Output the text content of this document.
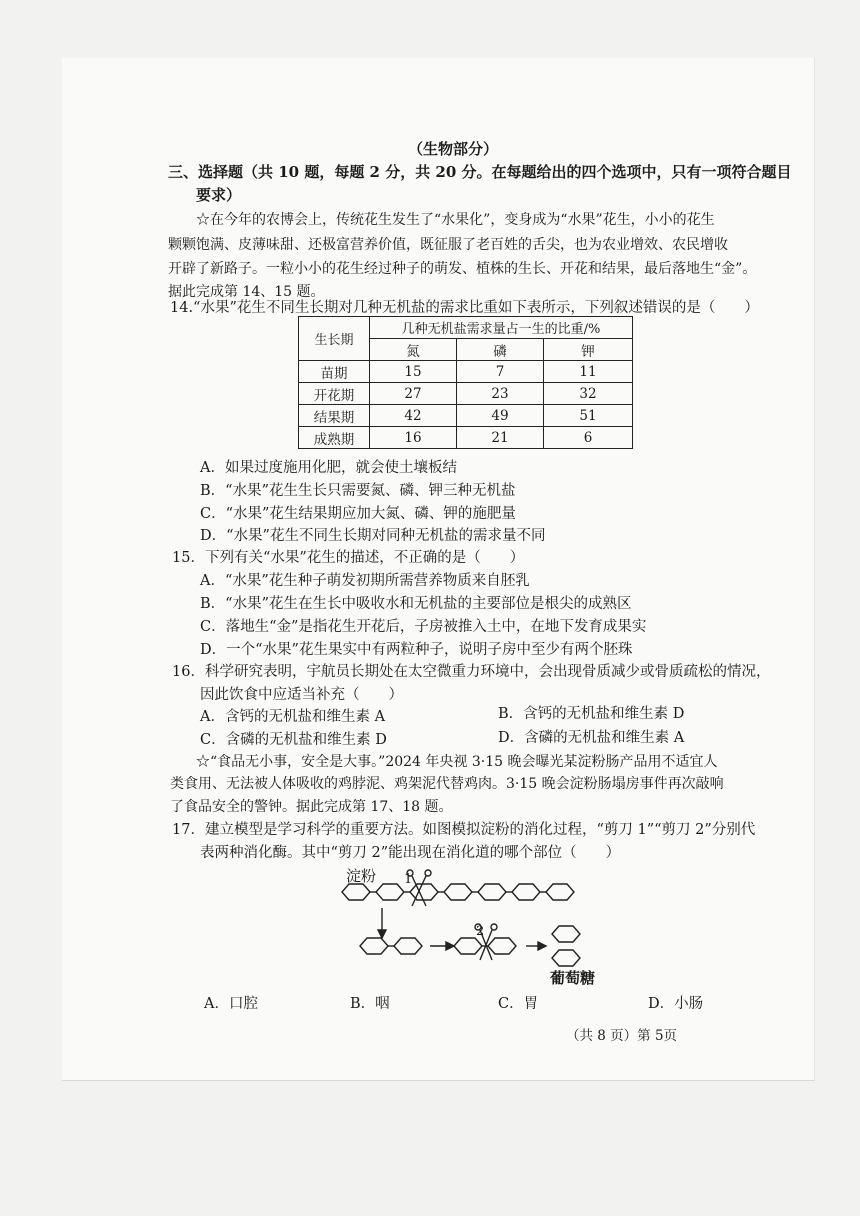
（生物部分）
三、选择题（共 10 题，每题 2 分，共 20 分。在每题给出的四个选项中，只有一项符合题目
要求）
☆在今年的农博会上，传统花生发生了“水果化”，变身成为“水果”花生，小小的花生
颗颗饱满、皮薄味甜、还极富营养价值，既征服了老百姓的舌尖，也为农业增效、农民增收
开辟了新路子。一粒小小的花生经过种子的萌发、植株的生长、开花和结果，最后落地生“金”。
据此完成第 14、15 题。
14.“水果”花生不同生长期对几种无机盐的需求比重如下表所示，下列叙述错误的是（　　）
生长期	几种无机盐需求量占一生的比重/%		
	氮	磷	钾
苗期	15	7	11
开花期	27	23	32
结果期	42	49	51
成熟期	16	21	6
A．如果过度施用化肥，就会使土壤板结
B．“水果”花生生长只需要氮、磷、钾三种无机盐
C．“水果”花生结果期应加大氮、磷、钾的施肥量
D．“水果”花生不同生长期对同种无机盐的需求量不同
15．下列有关“水果”花生的描述，不正确的是（　　）
A．“水果”花生种子萌发初期所需营养物质来自胚乳
B．“水果”花生在生长中吸收水和无机盐的主要部位是根尖的成熟区
C．落地生“金”是指花生开花后，子房被推入土中，在地下发育成果实
D．一个“水果”花生果实中有两粒种子，说明子房中至少有两个胚珠
16．科学研究表明，宇航员长期处在太空微重力环境中，会出现骨质减少或骨质疏松的情况，
因此饮食中应适当补充（　　）
A．含钙的无机盐和维生素 A	B．含钙的无机盐和维生素 D
C．含磷的无机盐和维生素 D	D．含磷的无机盐和维生素 A
☆“食品无小事，安全是大事。”2024 年央视 3·15 晚会曝光某淀粉肠产品用不适宜人
类食用、无法被人体吸收的鸡脖泥、鸡架泥代替鸡肉。3·15 晚会淀粉肠塌房事件再次敲响
了食品安全的警钟。据此完成第 17、18 题。
17．建立模型是学习科学的重要方法。如图模拟淀粉的消化过程，“剪刀 1”“剪刀 2”分别代
表两种消化酶。其中“剪刀 2”能出现在消化道的哪个部位（　　）
淀粉 1
2
葡萄糖
A．口腔	B．咽	C．胃	D．小肠
（共 8 页）第 5页
